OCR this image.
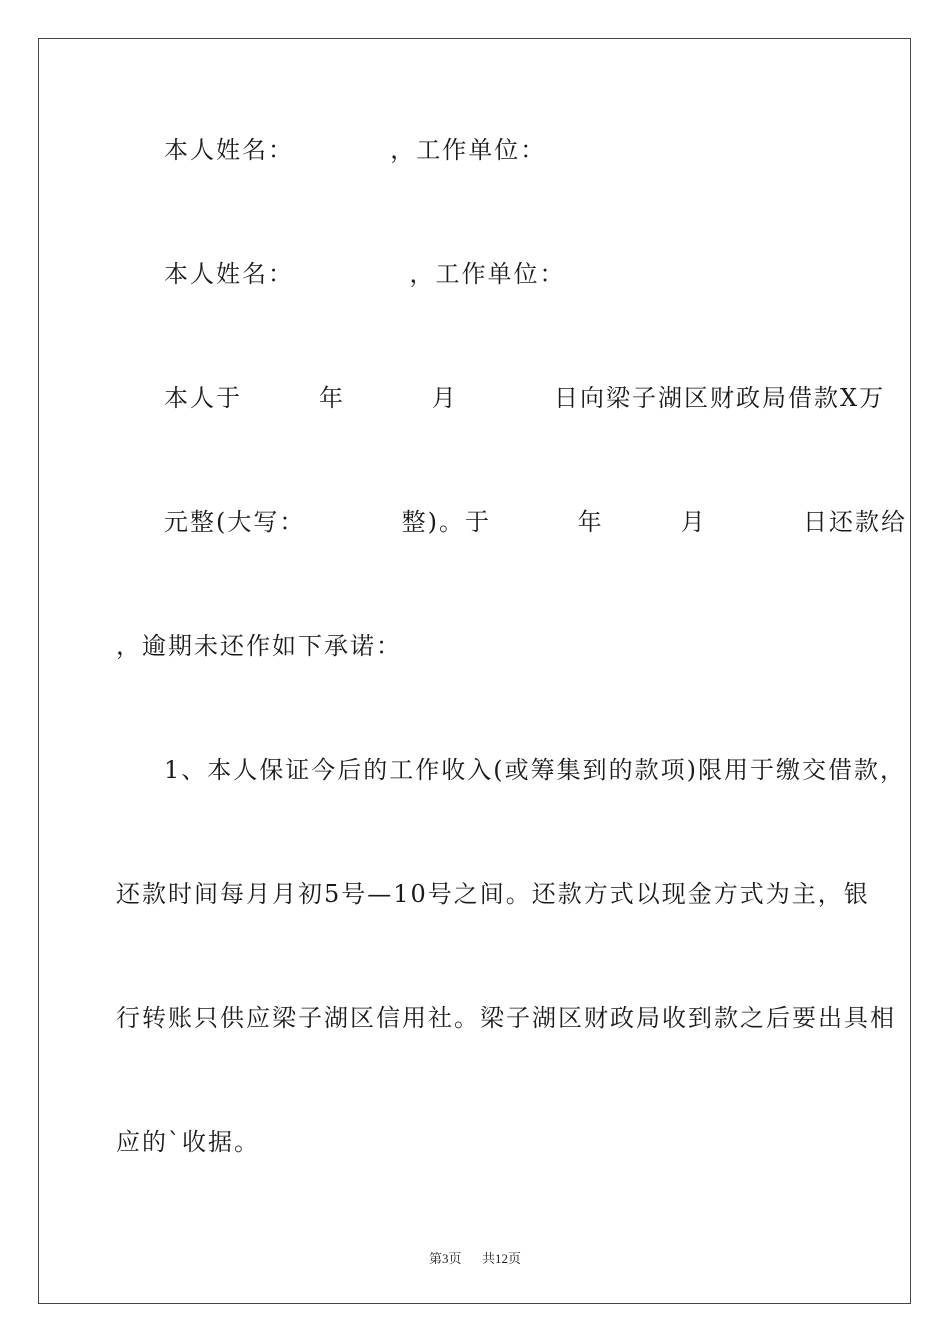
本人姓名：          ，工作单位：
本人姓名：            ，工作单位：
本人于        年         月          日向梁子湖区财政局借款X万
元整(大写：          整)。于         年        月          日还款给
，逾期未还作如下承诺：
1、本人保证今后的工作收入(或筹集到的款项)限用于缴交借款，
还款时间每月月初5号—10号之间。还款方式以现金方式为主，银
行转账只供应梁子湖区信用社。梁子湖区财政局收到款之后要出具相
应的`收据。
第3页 共12页
